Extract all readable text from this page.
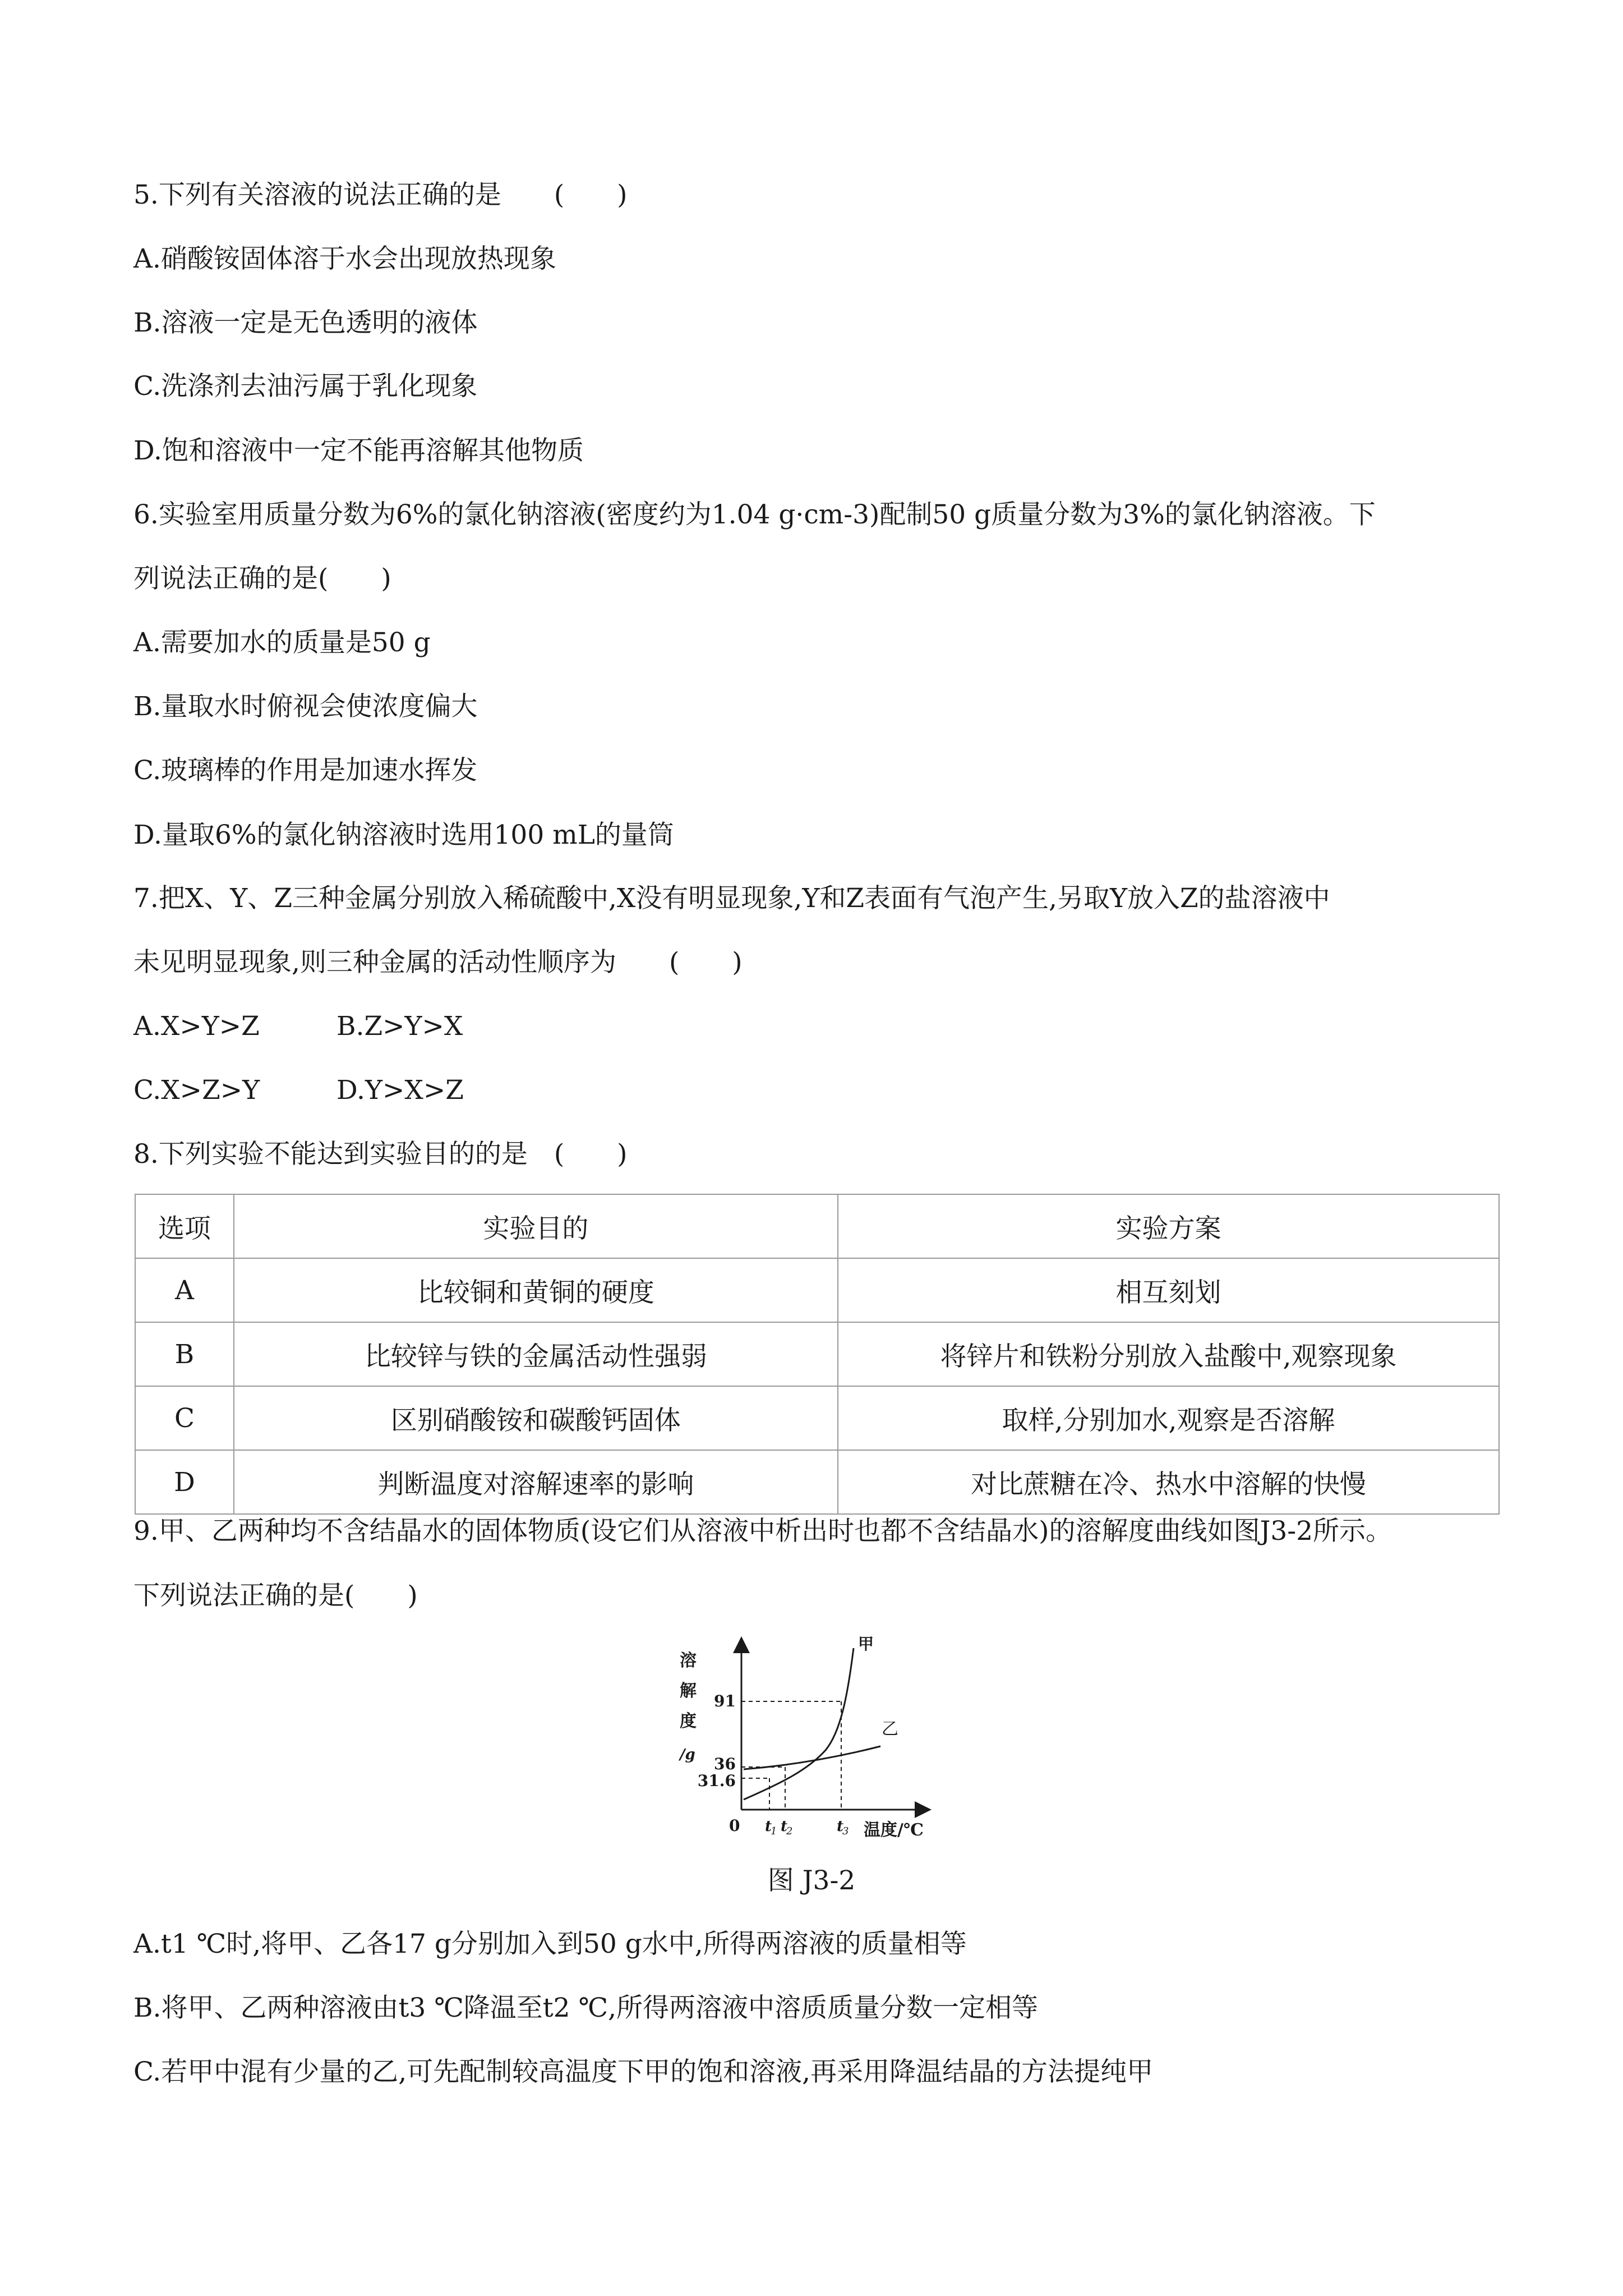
5.下列有关溶液的说法正确的是　　(　　)
A.硝酸铵固体溶于水会出现放热现象
B.溶液一定是无色透明的液体
C.洗涤剂去油污属于乳化现象
D.饱和溶液中一定不能再溶解其他物质
6.实验室用质量分数为6%的氯化钠溶液(密度约为1.04 g·cm-3)配制50 g质量分数为3%的氯化钠溶液。下
列说法正确的是(　　)
A.需要加水的质量是50 g
B.量取水时俯视会使浓度偏大
C.玻璃棒的作用是加速水挥发
D.量取6%的氯化钠溶液时选用100 mL的量筒
7.把X、Y、Z三种金属分别放入稀硫酸中,X没有明显现象,Y和Z表面有气泡产生,另取Y放入Z的盐溶液中
未见明显现象,则三种金属的活动性顺序为　　(　　)
A.X>Y>Z	B.Z>Y>X
C.X>Z>Y	D.Y>X>Z
8.下列实验不能达到实验目的的是　(　　)
选项	实验目的	实验方案
A	比较铜和黄铜的硬度	相互刻划
B	比较锌与铁的金属活动性强弱	将锌片和铁粉分别放入盐酸中,观察现象
C	区别硝酸铵和碳酸钙固体	取样,分别加水,观察是否溶解
D	判断温度对溶解速率的影响	对比蔗糖在冷、热水中溶解的快慢
9.甲、乙两种均不含结晶水的固体物质(设它们从溶液中析出时也都不含结晶水)的溶解度曲线如图J3-2所示。
下列说法正确的是(　　)
溶
解
度
/g
91
36
31.6
0 t
1 t
2	t
3 温度/℃
甲
乙
图 J3-2
A.t1 ℃时,将甲、乙各17 g分别加入到50 g水中,所得两溶液的质量相等
B.将甲、乙两种溶液由t3 ℃降温至t2 ℃,所得两溶液中溶质质量分数一定相等
C.若甲中混有少量的乙,可先配制较高温度下甲的饱和溶液,再采用降温结晶的方法提纯甲
